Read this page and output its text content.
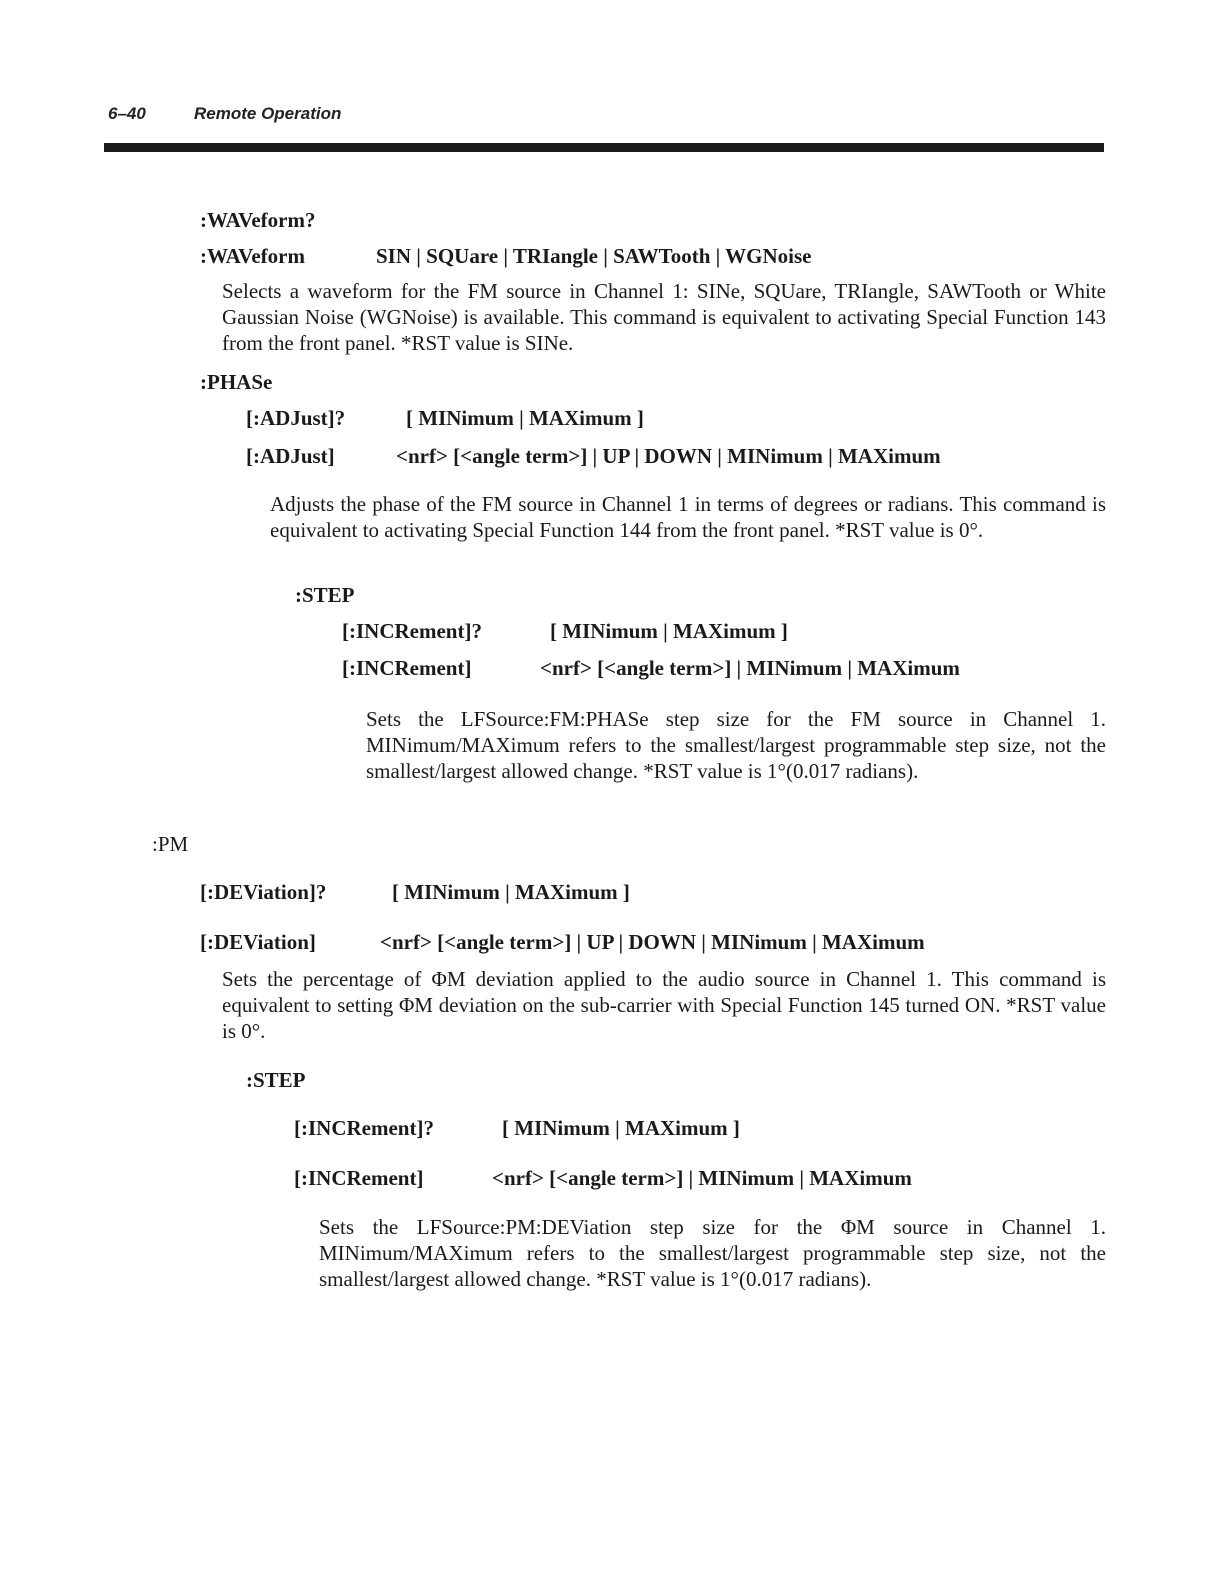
6–40	Remote Operation
:WAVeform?
:WAVeform	SIN | SQUare | TRIangle | SAWTooth | WGNoise

Selects a waveform for the FM source in Channel 1: SINe, SQUare, TRIangle, SAWTooth or White Gaussian Noise (WGNoise) is available. This command is equivalent to activating Special Function 143 from the front panel. *RST value is SINe.

:PHASe
[:ADJust]?	[ MINimum | MAXimum ]
[:ADJust]	<nrf> [<angle term>] | UP | DOWN | MINimum | MAXimum

Adjusts the phase of the FM source in Channel 1 in terms of degrees or radians. This command is equivalent to activating Special Function 144 from the front panel. *RST value is 0°.

:STEP
[:INCRement]?	[ MINimum | MAXimum ]
[:INCRement]	<nrf> [<angle term>] | MINimum | MAXimum

Sets the LFSource:FM:PHASe step size for the FM source in Channel 1. MINimum/MAXimum refers to the smallest/largest programmable step size, not the smallest/largest allowed change. *RST value is 1°(0.017 radians).

:PM
[:DEViation]?	[ MINimum | MAXimum ]
[:DEViation]	<nrf> [<angle term>] | UP | DOWN | MINimum | MAXimum

Sets the percentage of ΦM deviation applied to the audio source in Channel 1. This command is equivalent to setting ΦM deviation on the sub-carrier with Special Function 145 turned ON. *RST value is 0°.

:STEP
[:INCRement]?	[ MINimum | MAXimum ]
[:INCRement]	<nrf> [<angle term>] | MINimum | MAXimum

Sets the LFSource:PM:DEViation step size for the ΦM source in Channel 1. MINimum/MAXimum refers to the smallest/largest programmable step size, not the smallest/largest allowed change. *RST value is 1°(0.017 radians).
